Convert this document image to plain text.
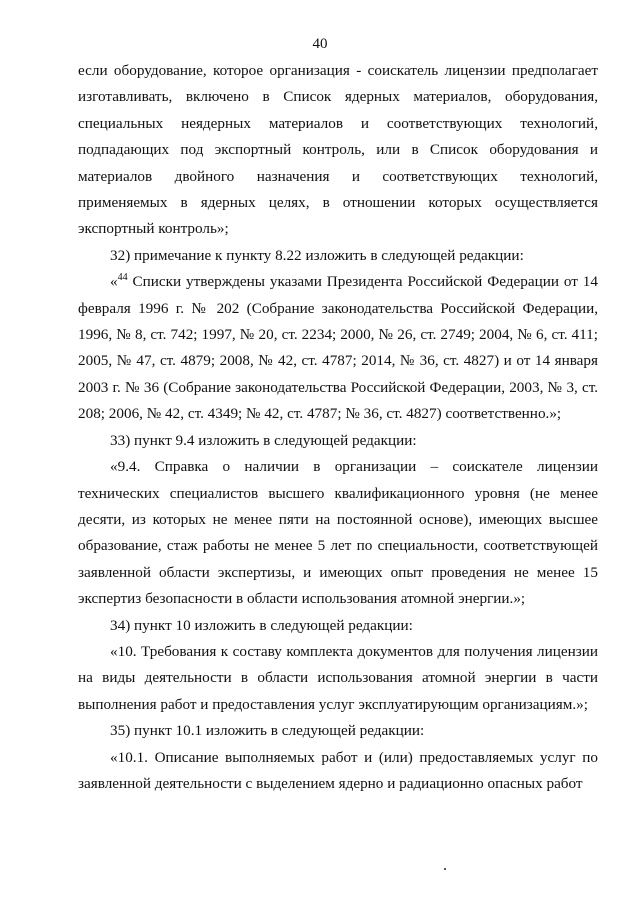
40

если оборудование, которое организация - соискатель лицензии предполагает изготавливать, включено в Список ядерных материалов, оборудования, специальных неядерных материалов и соответствующих технологий, подпадающих под экспортный контроль, или в Список оборудования и материалов двойного назначения и соответствующих технологий, применяемых в ядерных целях, в отношении которых осуществляется экспортный контроль»;

32) примечание к пункту 8.22 изложить в следующей редакции:

«$^{44}$ Списки утверждены указами Президента Российской Федерации от 14 февраля 1996 г. № 202 (Собрание законодательства Российской Федерации, 1996, № 8, ст. 742; 1997, № 20, ст. 2234; 2000, № 26, ст. 2749; 2004, № 6, ст. 411; 2005, № 47, ст. 4879; 2008, № 42, ст. 4787; 2014, № 36, ст. 4827) и от 14 января 2003 г. № 36 (Собрание законодательства Российской Федерации, 2003, № 3, ст. 208; 2006, № 42, ст. 4349; № 42, ст. 4787; № 36, ст. 4827) соответственно.»;

33) пункт 9.4 изложить в следующей редакции:

«9.4. Справка о наличии в организации – соискателе лицензии технических специалистов высшего квалификационного уровня (не менее десяти, из которых не менее пяти на постоянной основе), имеющих высшее образование, стаж работы не менее 5 лет по специальности, соответствующей заявленной области экспертизы, и имеющих опыт проведения не менее 15 экспертиз безопасности в области использования атомной энергии.»;

34) пункт 10 изложить в следующей редакции:

«10. Требования к составу комплекта документов для получения лицензии на виды деятельности в области использования атомной энергии в части выполнения работ и предоставления услуг эксплуатирующим организациям.»;

35) пункт 10.1 изложить в следующей редакции:

«10.1. Описание выполняемых работ и (или) предоставляемых услуг по заявленной деятельности с выделением ядерно и радиационно опасных работ
